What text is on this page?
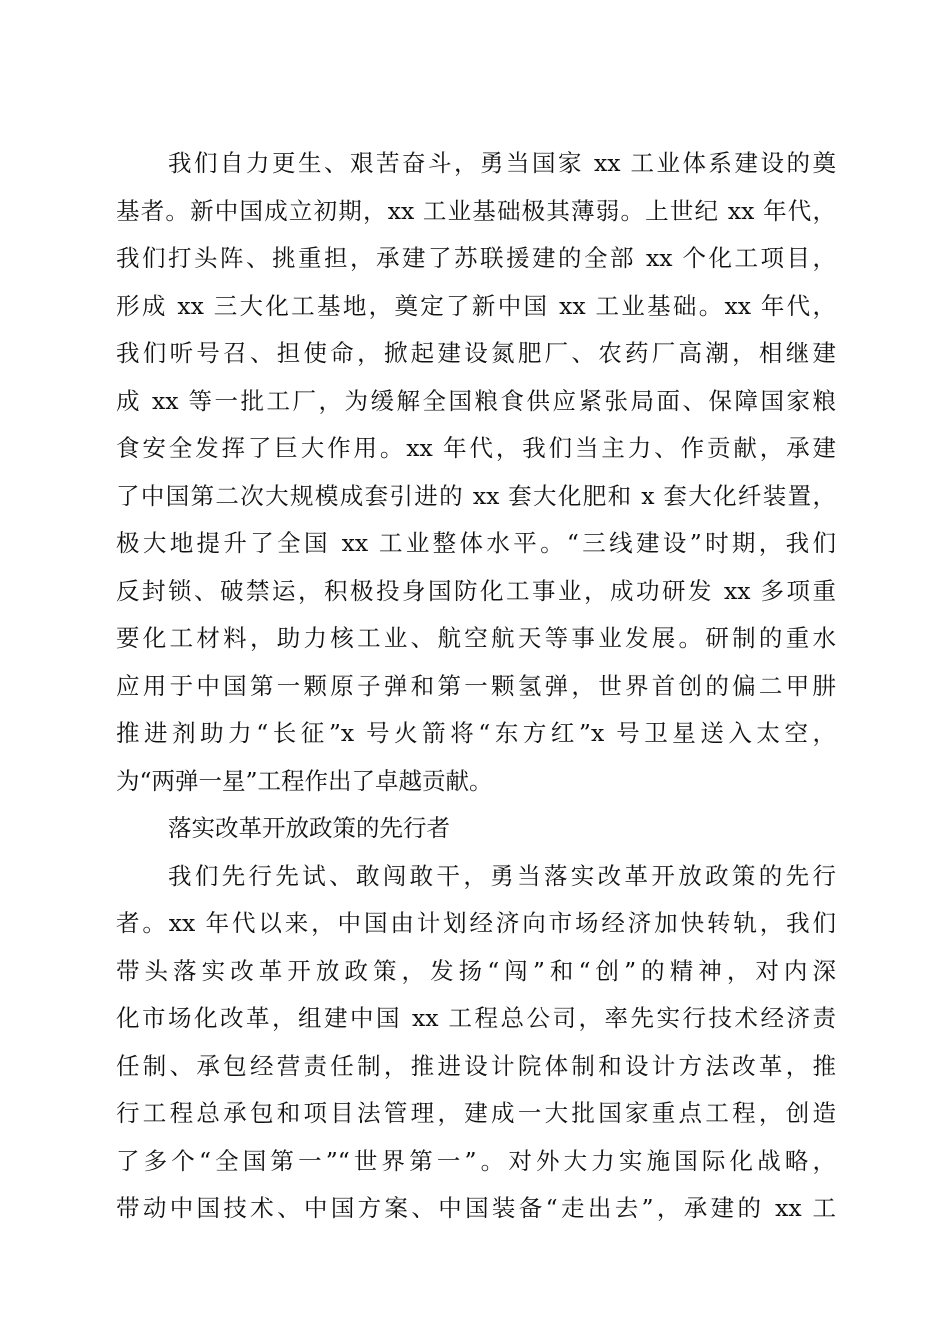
我们自力更生、艰苦奋斗，勇当国家 xx 工业体系建设的奠
基者。新中国成立初期，xx 工业基础极其薄弱。上世纪 xx 年代，
我们打头阵、挑重担，承建了苏联援建的全部 xx 个化工项目，
形成 xx 三大化工基地，奠定了新中国 xx 工业基础。xx 年代，
我们听号召、担使命，掀起建设氮肥厂、农药厂高潮，相继建
成 xx 等一批工厂，为缓解全国粮食供应紧张局面、保障国家粮
食安全发挥了巨大作用。xx 年代，我们当主力、作贡献，承建
了中国第二次大规模成套引进的 xx 套大化肥和 x 套大化纤装置，
极大地提升了全国 xx 工业整体水平。“三线建设”时期，我们
反封锁、破禁运，积极投身国防化工事业，成功研发 xx 多项重
要化工材料，助力核工业、航空航天等事业发展。研制的重水
应用于中国第一颗原子弹和第一颗氢弹，世界首创的偏二甲肼
推进剂助力“长征”x 号火箭将“东方红”x 号卫星送入太空，
为“两弹一星”工程作出了卓越贡献。
落实改革开放政策的先行者
我们先行先试、敢闯敢干，勇当落实改革开放政策的先行
者。xx 年代以来，中国由计划经济向市场经济加快转轨，我们
带头落实改革开放政策，发扬“闯”和“创”的精神，对内深
化市场化改革，组建中国 xx 工程总公司，率先实行技术经济责
任制、承包经营责任制，推进设计院体制和设计方法改革，推
行工程总承包和项目法管理，建成一大批国家重点工程，创造
了多个“全国第一”“世界第一”。对外大力实施国际化战略，
带动中国技术、中国方案、中国装备“走出去”，承建的 xx 工
